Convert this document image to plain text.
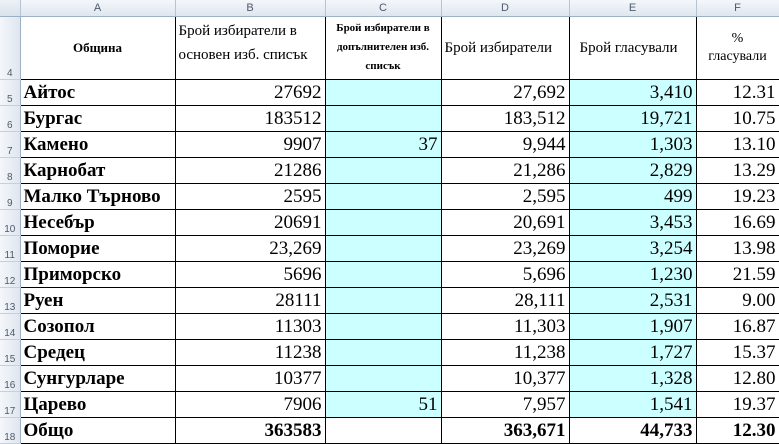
	A	B	C	D	E	F
4	Община	Брой избиратели в основен изб. списък	Брой избиратели в допълнителен изб. списък	Брой избиратели	Брой гласували	%
гласували
5	Айтос	27692		27,692	3,410	12.31
6	Бургас	183512		183,512	19,721	10.75
7	Камено	9907	37	9,944	1,303	13.10
8	Карнобат	21286		21,286	2,829	13.29
9	Малко Търново	2595		2,595	499	19.23
10	Несебър	20691		20,691	3,453	16.69
11	Поморие	23,269		23,269	3,254	13.98
12	Приморско	5696		5,696	1,230	21.59
13	Руен	28111		28,111	2,531	9.00
14	Созопол	11303		11,303	1,907	16.87
15	Средец	11238		11,238	1,727	15.37
16	Сунгурларе	10377		10,377	1,328	12.80
17	Царево	7906	51	7,957	1,541	19.37
18	Общо	363583		363,671	44,733	12.30
